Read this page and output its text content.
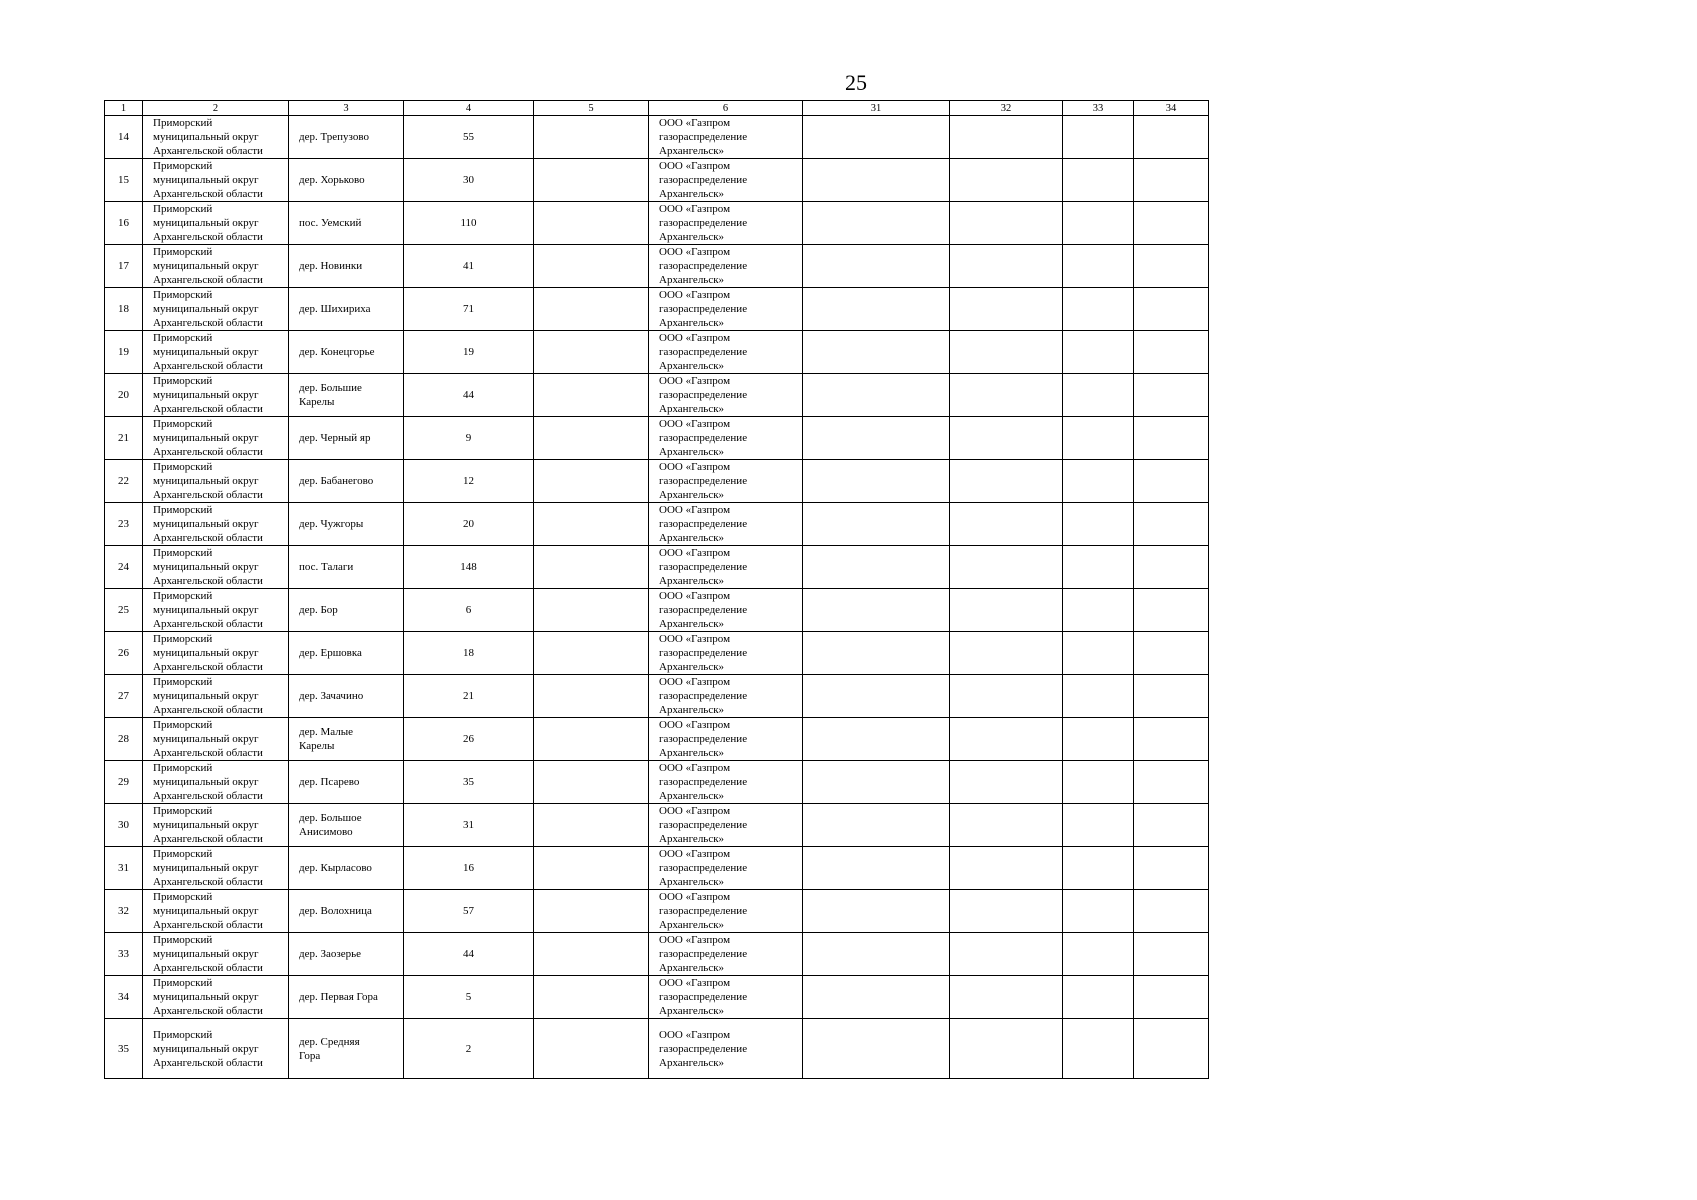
25
1	2	3	4	5	6	31	32	33	34
14	Приморский
муниципальный округ
Архангельской области	дер. Трепузово	55		ООО «Газпром
газораспределение
Архангельск»				

15	Приморский
муниципальный округ
Архангельской области	дер. Хорьково	30		ООО «Газпром
газораспределение
Архангельск»				

16	Приморский
муниципальный округ
Архангельской области	пос. Уемский	110		ООО «Газпром
газораспределение
Архангельск»				

17	Приморский
муниципальный округ
Архангельской области	дер. Новинки	41		ООО «Газпром
газораспределение
Архангельск»				

18	Приморский
муниципальный округ
Архангельской области	дер. Шихириха	71		ООО «Газпром
газораспределение
Архангельск»				

19	Приморский
муниципальный округ
Архангельской области	дер. Конецгорье	19		ООО «Газпром
газораспределение
Архангельск»				

20	Приморский
муниципальный округ
Архангельской области	дер. Большие
Карелы	44		ООО «Газпром
газораспределение
Архангельск»				

21	Приморский
муниципальный округ
Архангельской области	дер. Черный яр	9		ООО «Газпром
газораспределение
Архангельск»				

22	Приморский
муниципальный округ
Архангельской области	дер. Бабанегово	12		ООО «Газпром
газораспределение
Архангельск»				

23	Приморский
муниципальный округ
Архангельской области	дер. Чужгоры	20		ООО «Газпром
газораспределение
Архангельск»				

24	Приморский
муниципальный округ
Архангельской области	пос. Талаги	148		ООО «Газпром
газораспределение
Архангельск»				

25	Приморский
муниципальный округ
Архангельской области	дер. Бор	6		ООО «Газпром
газораспределение
Архангельск»				

26	Приморский
муниципальный округ
Архангельской области	дер. Ершовка	18		ООО «Газпром
газораспределение
Архангельск»				

27	Приморский
муниципальный округ
Архангельской области	дер. Зачачино	21		ООО «Газпром
газораспределение
Архангельск»				

28	Приморский
муниципальный округ
Архангельской области	дер. Малые
Карелы	26		ООО «Газпром
газораспределение
Архангельск»				

29	Приморский
муниципальный округ
Архангельской области	дер. Псарево	35		ООО «Газпром
газораспределение
Архангельск»				

30	Приморский
муниципальный округ
Архангельской области	дер. Большое
Анисимово	31		ООО «Газпром
газораспределение
Архангельск»				

31	Приморский
муниципальный округ
Архангельской области	дер. Кырласово	16		ООО «Газпром
газораспределение
Архангельск»				

32	Приморский
муниципальный округ
Архангельской области	дер. Волохница	57		ООО «Газпром
газораспределение
Архангельск»				

33	Приморский
муниципальный округ
Архангельской области	дер. Заозерье	44		ООО «Газпром
газораспределение
Архангельск»				

34	Приморский
муниципальный округ
Архангельской области	дер. Первая Гора	5		ООО «Газпром
газораспределение
Архангельск»				

35	Приморский
муниципальный округ
Архангельской области	дер. Средняя
Гора	2		ООО «Газпром
газораспределение
Архангельск»				
